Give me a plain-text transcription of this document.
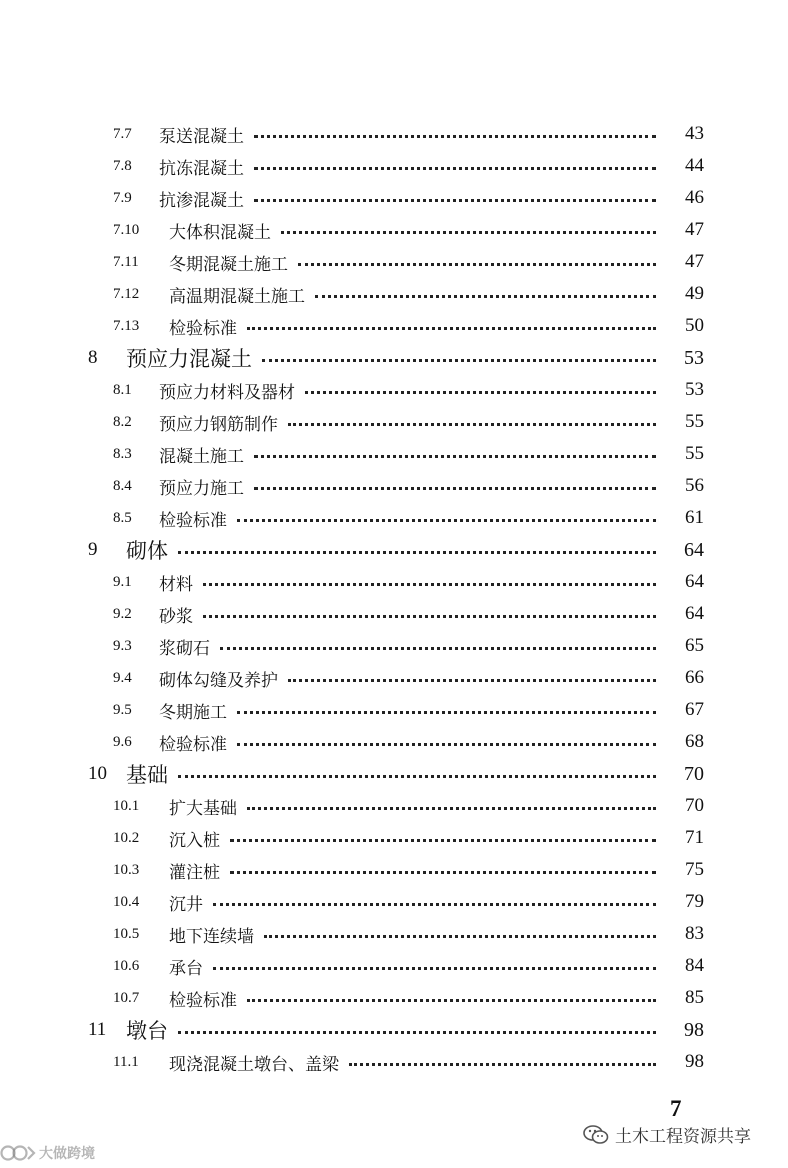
7.7	泵送混凝土	43
7.8	抗冻混凝土	44
7.9	抗渗混凝土	46
7.10	大体积混凝土	47
7.11	冬期混凝土施工	47
7.12	高温期混凝土施工	49
7.13	检验标准	50
8	预应力混凝土	53
8.1	预应力材料及器材	53
8.2	预应力钢筋制作	55
8.3	混凝土施工	55
8.4	预应力施工	56
8.5	检验标准	61
9	砌体	64
9.1	材料	64
9.2	砂浆	64
9.3	浆砌石	65
9.4	砌体勾缝及养护	66
9.5	冬期施工	67
9.6	检验标准	68
10 基础	70
10.1	扩大基础	70
10.2	沉入桩	71
10.3	灌注桩	75
10.4	沉井	79
10.5	地下连续墙	83
10.6	承台	84
10.7	检验标准	85
11 墩台	98
11.1	现浇混凝土墩台、盖梁	98
7
土木工程资源共享
大做跨境
